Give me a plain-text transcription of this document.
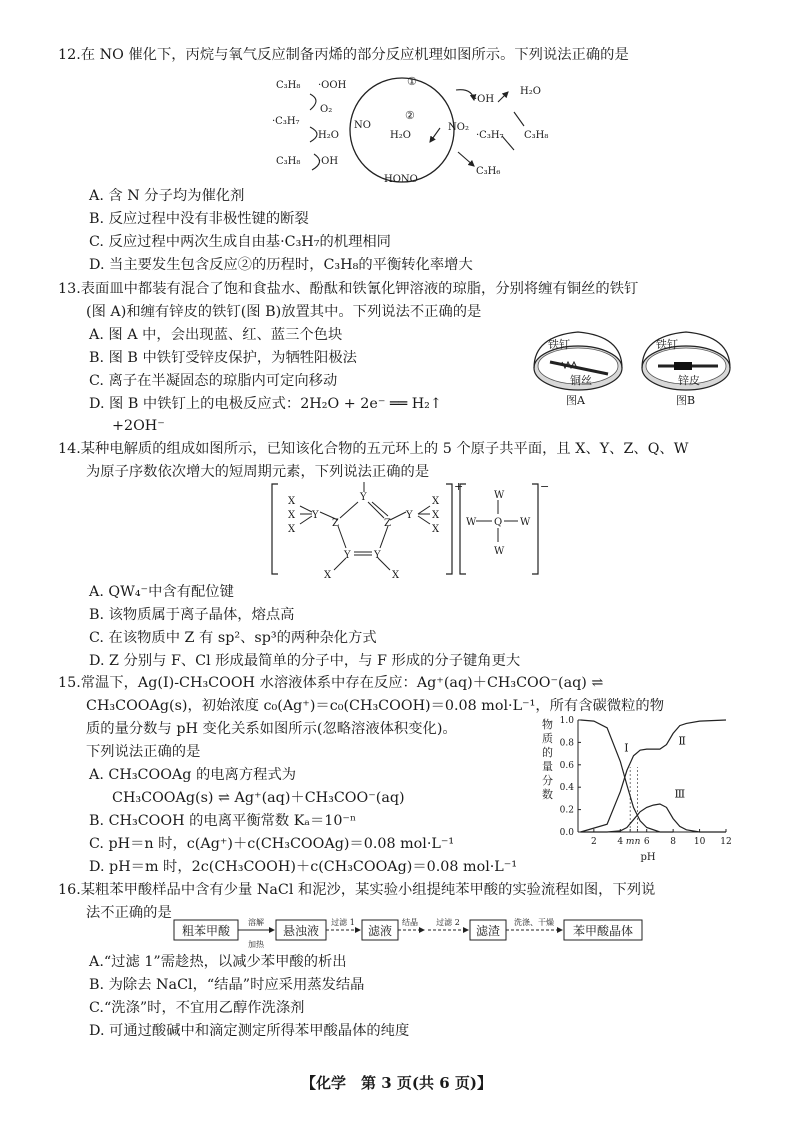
12.在 NO 催化下，丙烷与氧气反应制备丙烯的部分反应机理如图所示。下列说法正确的是
C₃H₈ ·OOH
O₂
·C₃H₇
H₂O
C₃H₈ ·OH
①
②
NO
H₂O
NO₂
HONO
·OH
H₂O
C₃H₈
·C₃H₇
C₃H₆
A. 含 N 分子均为催化剂
B. 反应过程中没有非极性键的断裂
C. 反应过程中两次生成自由基·C₃H₇的机理相同
D. 当主要发生包含反应②的历程时，C₃H₈的平衡转化率增大
13.表面皿中都装有混合了饱和食盐水、酚酞和铁氰化钾溶液的琼脂，分别将缠有铜丝的铁钉
(图 A)和缠有锌皮的铁钉(图 B)放置其中。下列说法不正确的是
A. 图 A 中，会出现蓝、红、蓝三个色块
B. 图 B 中铁钉受锌皮保护，为牺牲阳极法
C. 离子在半凝固态的琼脂内可定向移动
D. 图 B 中铁钉上的电极反应式：2H₂O + 2e⁻ ══ H₂↑
+2OH⁻
铁钉
铜丝
图A
铁钉
锌皮
图B
14.某种电解质的组成如图所示，已知该化合物的五元环上的 5 个原子共平面，且 X、Y、Z、Q、W
为原子序数依次增大的短周期元素，下列说法正确的是
+	−
Y
Z	Z
Y Y
Y	Y
X
X
X
X
X
X
X	X
W
Q
W	W
W
A. QW₄⁻中含有配位键
B. 该物质属于离子晶体，熔点高
C. 在该物质中 Z 有 sp²、sp³的两种杂化方式
D. Z 分别与 F、Cl 形成最简单的分子中，与 F 形成的分子键角更大
15.常温下，Ag(Ⅰ)-CH₃COOH 水溶液体系中存在反应：Ag⁺(aq)＋CH₃COO⁻(aq) ⇌
CH₃COOAg(s)，初始浓度 c₀(Ag⁺)＝c₀(CH₃COOH)＝0.08 mol·L⁻¹，所有含碳微粒的物
质的量分数与 pH 变化关系如图所示(忽略溶液体积变化)。
下列说法正确的是
A. CH₃COOAg 的电离方程式为
CH₃COOAg(s) ⇌ Ag⁺(aq)＋CH₃COO⁻(aq)
B. CH₃COOH 的电离平衡常数 Kₐ＝10⁻ⁿ
C. pH＝n 时，c(Ag⁺)＋c(CH₃COOAg)＝0.08 mol·L⁻¹
D. pH＝m 时，2c(CH₃COOH)＋c(CH₃COOAg)＝0.08 mol·L⁻¹
物
质
的
量
分
数
0.0
0.2
0.4
0.6
0.8
1.0
2 4 m n 6 8 10 12
Ⅰ
Ⅱ
Ⅲ
pH
16.某粗苯甲酸样品中含有少量 NaCl 和泥沙，某实验小组提纯苯甲酸的实验流程如图，下列说
法不正确的是
粗苯甲酸	悬浊液	滤液	滤渣	苯甲酸晶体
溶解
加热
过滤 1	结晶 过滤 2	洗涤、干燥
A.“过滤 1”需趁热，以减少苯甲酸的析出
B. 为除去 NaCl，“结晶”时应采用蒸发结晶
C.“洗涤”时，不宜用乙醇作洗涤剂
D. 可通过酸碱中和滴定测定所得苯甲酸晶体的纯度
【化学　第 3 页(共 6 页)】
